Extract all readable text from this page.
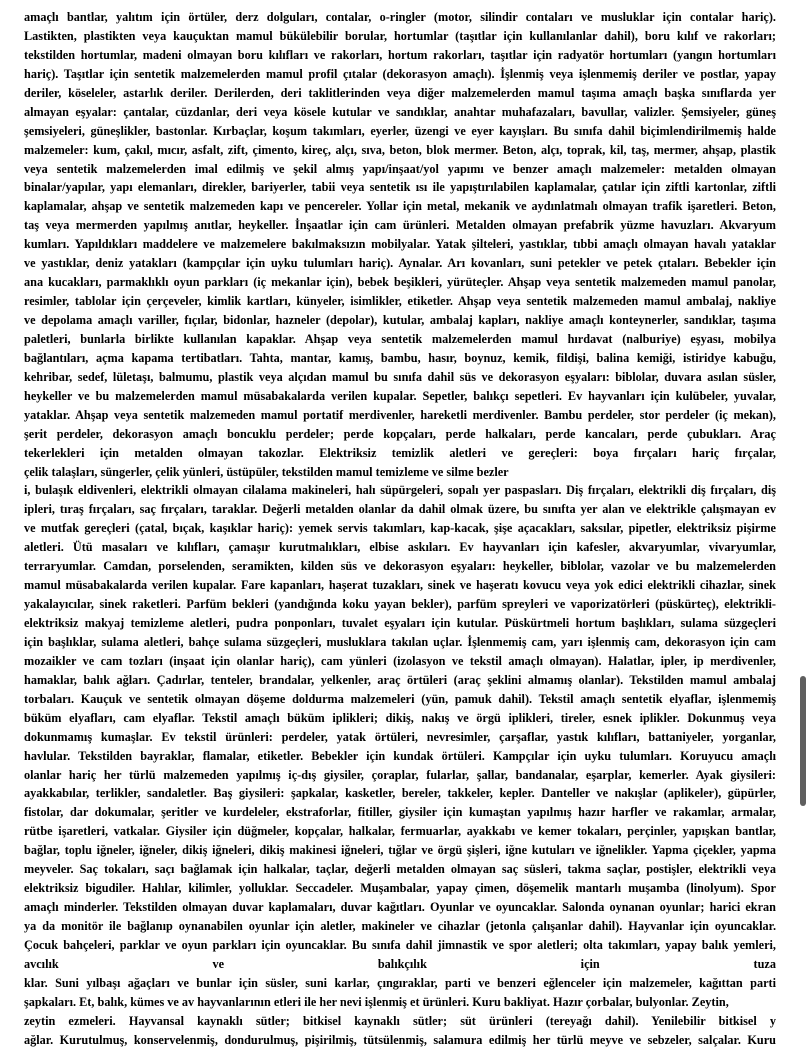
amaçlı bantlar, yalıtım için örtüler, derz dolguları, contalar, o-ringler (motor, silindir contaları ve musluklar için contalar hariç).
Lastikten, plastikten veya kauçuktan mamul bükülebilir borular, hortumlar (taşıtlar için kullanılanlar dahil), boru kılıf ve rakorları;
tekstilden hortumlar, madeni olmayan boru kılıfları ve rakorları, hortum rakorları, taşıtlar için radyatör hortumları (yangın hortumları
hariç). Taşıtlar için sentetik malzemelerden mamul profil çıtalar (dekorasyon amaçlı). İşlenmiş veya işlenmemiş deriler ve postlar, yapay
deriler, köseleler, astarlık deriler. Derilerden, deri taklitlerinden veya diğer malzemelerden mamul taşıma amaçlı başka sınıflarda yer
almayan eşyalar: çantalar, cüzdanlar, deri veya kösele kutular ve sandıklar, anahtar muhafazaları, bavullar, valizler. Şemsiyeler, güneş
şemsiyeleri, güneşlikler, bastonlar. Kırbaçlar, koşum takımları, eyerler, üzengi ve eyer kayışları. Bu sınıfa dahil biçimlendirilmemiş halde
malzemeler: kum, çakıl, mıcır, asfalt, zift, çimento, kireç, alçı, sıva, beton, blok mermer. Beton, alçı, toprak, kil, taş, mermer, ahşap, plastik
veya sentetik malzemelerden imal edilmiş ve şekil almış yapı/inşaat/yol yapımı ve benzer amaçlı malzemeler: metalden olmayan
binalar/yapılar, yapı elemanları, direkler, bariyerler, tabii veya sentetik ısı ile yapıştırılabilen kaplamalar, çatılar için ziftli kartonlar, ziftli
kaplamalar, ahşap ve sentetik malzemeden kapı ve pencereler. Yollar için metal, mekanik ve aydınlatmalı olmayan trafik işaretleri. Beton,
taş veya mermerden yapılmış anıtlar, heykeller. İnşaatlar için cam ürünleri. Metalden olmayan prefabrik yüzme havuzları. Akvaryum
kumları. Yapıldıkları maddelere ve malzemelere bakılmaksızın mobilyalar. Yatak şilteleri, yastıklar, tıbbi amaçlı olmayan havalı yataklar
ve yastıklar, deniz yatakları (kampçılar için uyku tulumları hariç). Aynalar. Arı kovanları, suni petekler ve petek çıtaları. Bebekler için
ana kucakları, parmaklıklı oyun parkları (iç mekanlar için), bebek beşikleri, yürüteçler. Ahşap veya sentetik malzemeden mamul panolar,
resimler, tablolar için çerçeveler, kimlik kartları, künyeler, isimlikler, etiketler. Ahşap veya sentetik malzemeden mamul ambalaj, nakliye
ve depolama amaçlı variller, fıçılar, bidonlar, hazneler (depolar), kutular, ambalaj kapları, nakliye amaçlı konteynerler, sandıklar, taşıma
paletleri, bunlarla birlikte kullanılan kapaklar. Ahşap veya sentetik malzemelerden mamul hırdavat (nalburiye) eşyası, mobilya
bağlantıları, açma kapama tertibatları. Tahta, mantar, kamış, bambu, hasır, boynuz, kemik, fildişi, balina kemiği, istiridye kabuğu,
kehribar, sedef, lületaşı, balmumu, plastik veya alçıdan mamul bu sınıfa dahil süs ve dekorasyon eşyaları: biblolar, duvara asılan süsler,
heykeller ve bu malzemelerden mamul müsabakalarda verilen kupalar. Sepetler, balıkçı sepetleri. Ev hayvanları için kulübeler, yuvalar,
yataklar. Ahşap veya sentetik malzemeden mamul portatif merdivenler, hareketli merdivenler. Bambu perdeler, stor perdeler (iç mekan),
şerit perdeler, dekorasyon amaçlı boncuklu perdeler; perde kopçaları, perde halkaları, perde kancaları, perde çubukları. Araç
tekerlekleri için metalden olmayan takozlar. Elektriksiz temizlik aletleri ve gereçleri: boya fırçaları hariç fırçalar,
çelik talaşları, süngerler, çelik yünleri, üstüpüler, tekstilden mamul temizleme ve silme bezler
i, bulaşık eldivenleri, elektrikli olmayan cilalama makineleri, halı süpürgeleri, sopalı yer paspasları. Diş fırçaları, elektrikli diş fırçaları, diş
ipleri, tıraş fırçaları, saç fırçaları, taraklar. Değerli metalden olanlar da dahil olmak üzere, bu sınıfta yer alan ve elektrikle çalışmayan ev
ve mutfak gereçleri (çatal, bıçak, kaşıklar hariç): yemek servis takımları, kap-kacak, şişe açacakları, saksılar, pipetler, elektriksiz pişirme
aletleri. Ütü masaları ve kılıfları, çamaşır kurutmalıkları, elbise askıları. Ev hayvanları için kafesler, akvaryumlar, vivaryumlar,
terraryumlar. Camdan, porselenden, seramikten, kilden süs ve dekorasyon eşyaları: heykeller, biblolar, vazolar ve bu malzemelerden
mamul müsabakalarda verilen kupalar. Fare kapanları, haşerat tuzakları, sinek ve haşeratı kovucu veya yok edici elektrikli cihazlar, sinek
yakalayıcılar, sinek raketleri. Parfüm bekleri (yandığında koku yayan bekler), parfüm spreyleri ve vaporizatörleri (püskürteç), elektrikli-
elektriksiz makyaj temizleme aletleri, pudra ponponları, tuvalet eşyaları için kutular. Püskürtmeli hortum başlıkları, sulama süzgeçleri
için başlıklar, sulama aletleri, bahçe sulama süzgeçleri, musluklara takılan uçlar. İşlenmemiş cam, yarı işlenmiş cam, dekorasyon için cam
mozaikler ve cam tozları (inşaat için olanlar hariç), cam yünleri (izolasyon ve tekstil amaçlı olmayan). Halatlar, ipler, ip merdivenler,
hamaklar, balık ağları. Çadırlar, tenteler, brandalar, yelkenler, araç örtüleri (araç şeklini almamış olanlar). Tekstilden mamul ambalaj
torbaları. Kauçuk ve sentetik olmayan döşeme doldurma malzemeleri (yün, pamuk dahil). Tekstil amaçlı sentetik elyaflar, işlenmemiş
büküm elyafları, cam elyaflar. Tekstil amaçlı büküm iplikleri; dikiş, nakış ve örgü iplikleri, tireler, esnek iplikler. Dokunmuş veya
dokunmamış kumaşlar. Ev tekstil ürünleri: perdeler, yatak örtüleri, nevresimler, çarşaflar, yastık kılıfları, battaniyeler, yorganlar,
havlular. Tekstilden bayraklar, flamalar, etiketler. Bebekler için kundak örtüleri. Kampçılar için uyku tulumları. Koruyucu amaçlı
olanlar hariç her türlü malzemeden yapılmış iç-dış giysiler, çoraplar, fularlar, şallar, bandanalar, eşarplar, kemerler. Ayak giysileri:
ayakkabılar, terlikler, sandaletler. Baş giysileri: şapkalar, kasketler, bereler, takkeler, kepler. Danteller ve nakışlar (aplikeler), güpürler,
fistolar, dar dokumalar, şeritler ve kurdeleler, ekstraforlar, fitiller, giysiler için kumaştan yapılmış hazır harfler ve rakamlar, armalar,
rütbe işaretleri, vatkalar. Giysiler için düğmeler, kopçalar, halkalar, fermuarlar, ayakkabı ve kemer tokaları, perçinler, yapışkan bantlar,
bağlar, toplu iğneler, iğneler, dikiş iğneleri, dikiş makinesi iğneleri, tığlar ve örgü şişleri, iğne kutuları ve iğnelikler. Yapma çiçekler, yapma
meyveler. Saç tokaları, saçı bağlamak için halkalar, taçlar, değerli metalden olmayan saç süsleri, takma saçlar, postişler, elektrikli veya
elektriksiz bigudiler. Halılar, kilimler, yolluklar. Seccadeler. Muşambalar, yapay çimen, döşemelik mantarlı muşamba (linolyum). Spor
amaçlı minderler. Tekstilden olmayan duvar kaplamaları, duvar kağıtları. Oyunlar ve oyuncaklar. Salonda oynanan oyunlar; harici ekran
ya da monitör ile bağlanıp oynanabilen oyunlar için aletler, makineler ve cihazlar (jetonla çalışanlar dahil). Hayvanlar için oyuncaklar.
Çocuk bahçeleri, parklar ve oyun parkları için oyuncaklar. Bu sınıfa dahil jimnastik ve spor aletleri; olta takımları, yapay balık yemleri,
avcılık ve balıkçılık için tuza
klar. Suni yılbaşı ağaçları ve bunlar için süsler, suni karlar, çıngıraklar, parti ve benzeri eğlenceler için malzemeler, kağıttan parti
şapkaları. Et, balık, kümes ve av hayvanlarının etleri ile her nevi işlenmiş et ürünleri. Kuru bakliyat. Hazır çorbalar, bulyonlar. Zeytin,
zeytin ezmeleri. Hayvansal kaynaklı sütler; bitkisel kaynaklı sütler; süt ürünleri (tereyağı dahil). Yenilebilir bitkisel y
ağlar. Kurutulmuş, konservelenmiş, dondurulmuş, pişirilmiş, tütsülenmiş, salamura edilmiş her türlü meyve ve sebzeler, salçalar. Kuru
